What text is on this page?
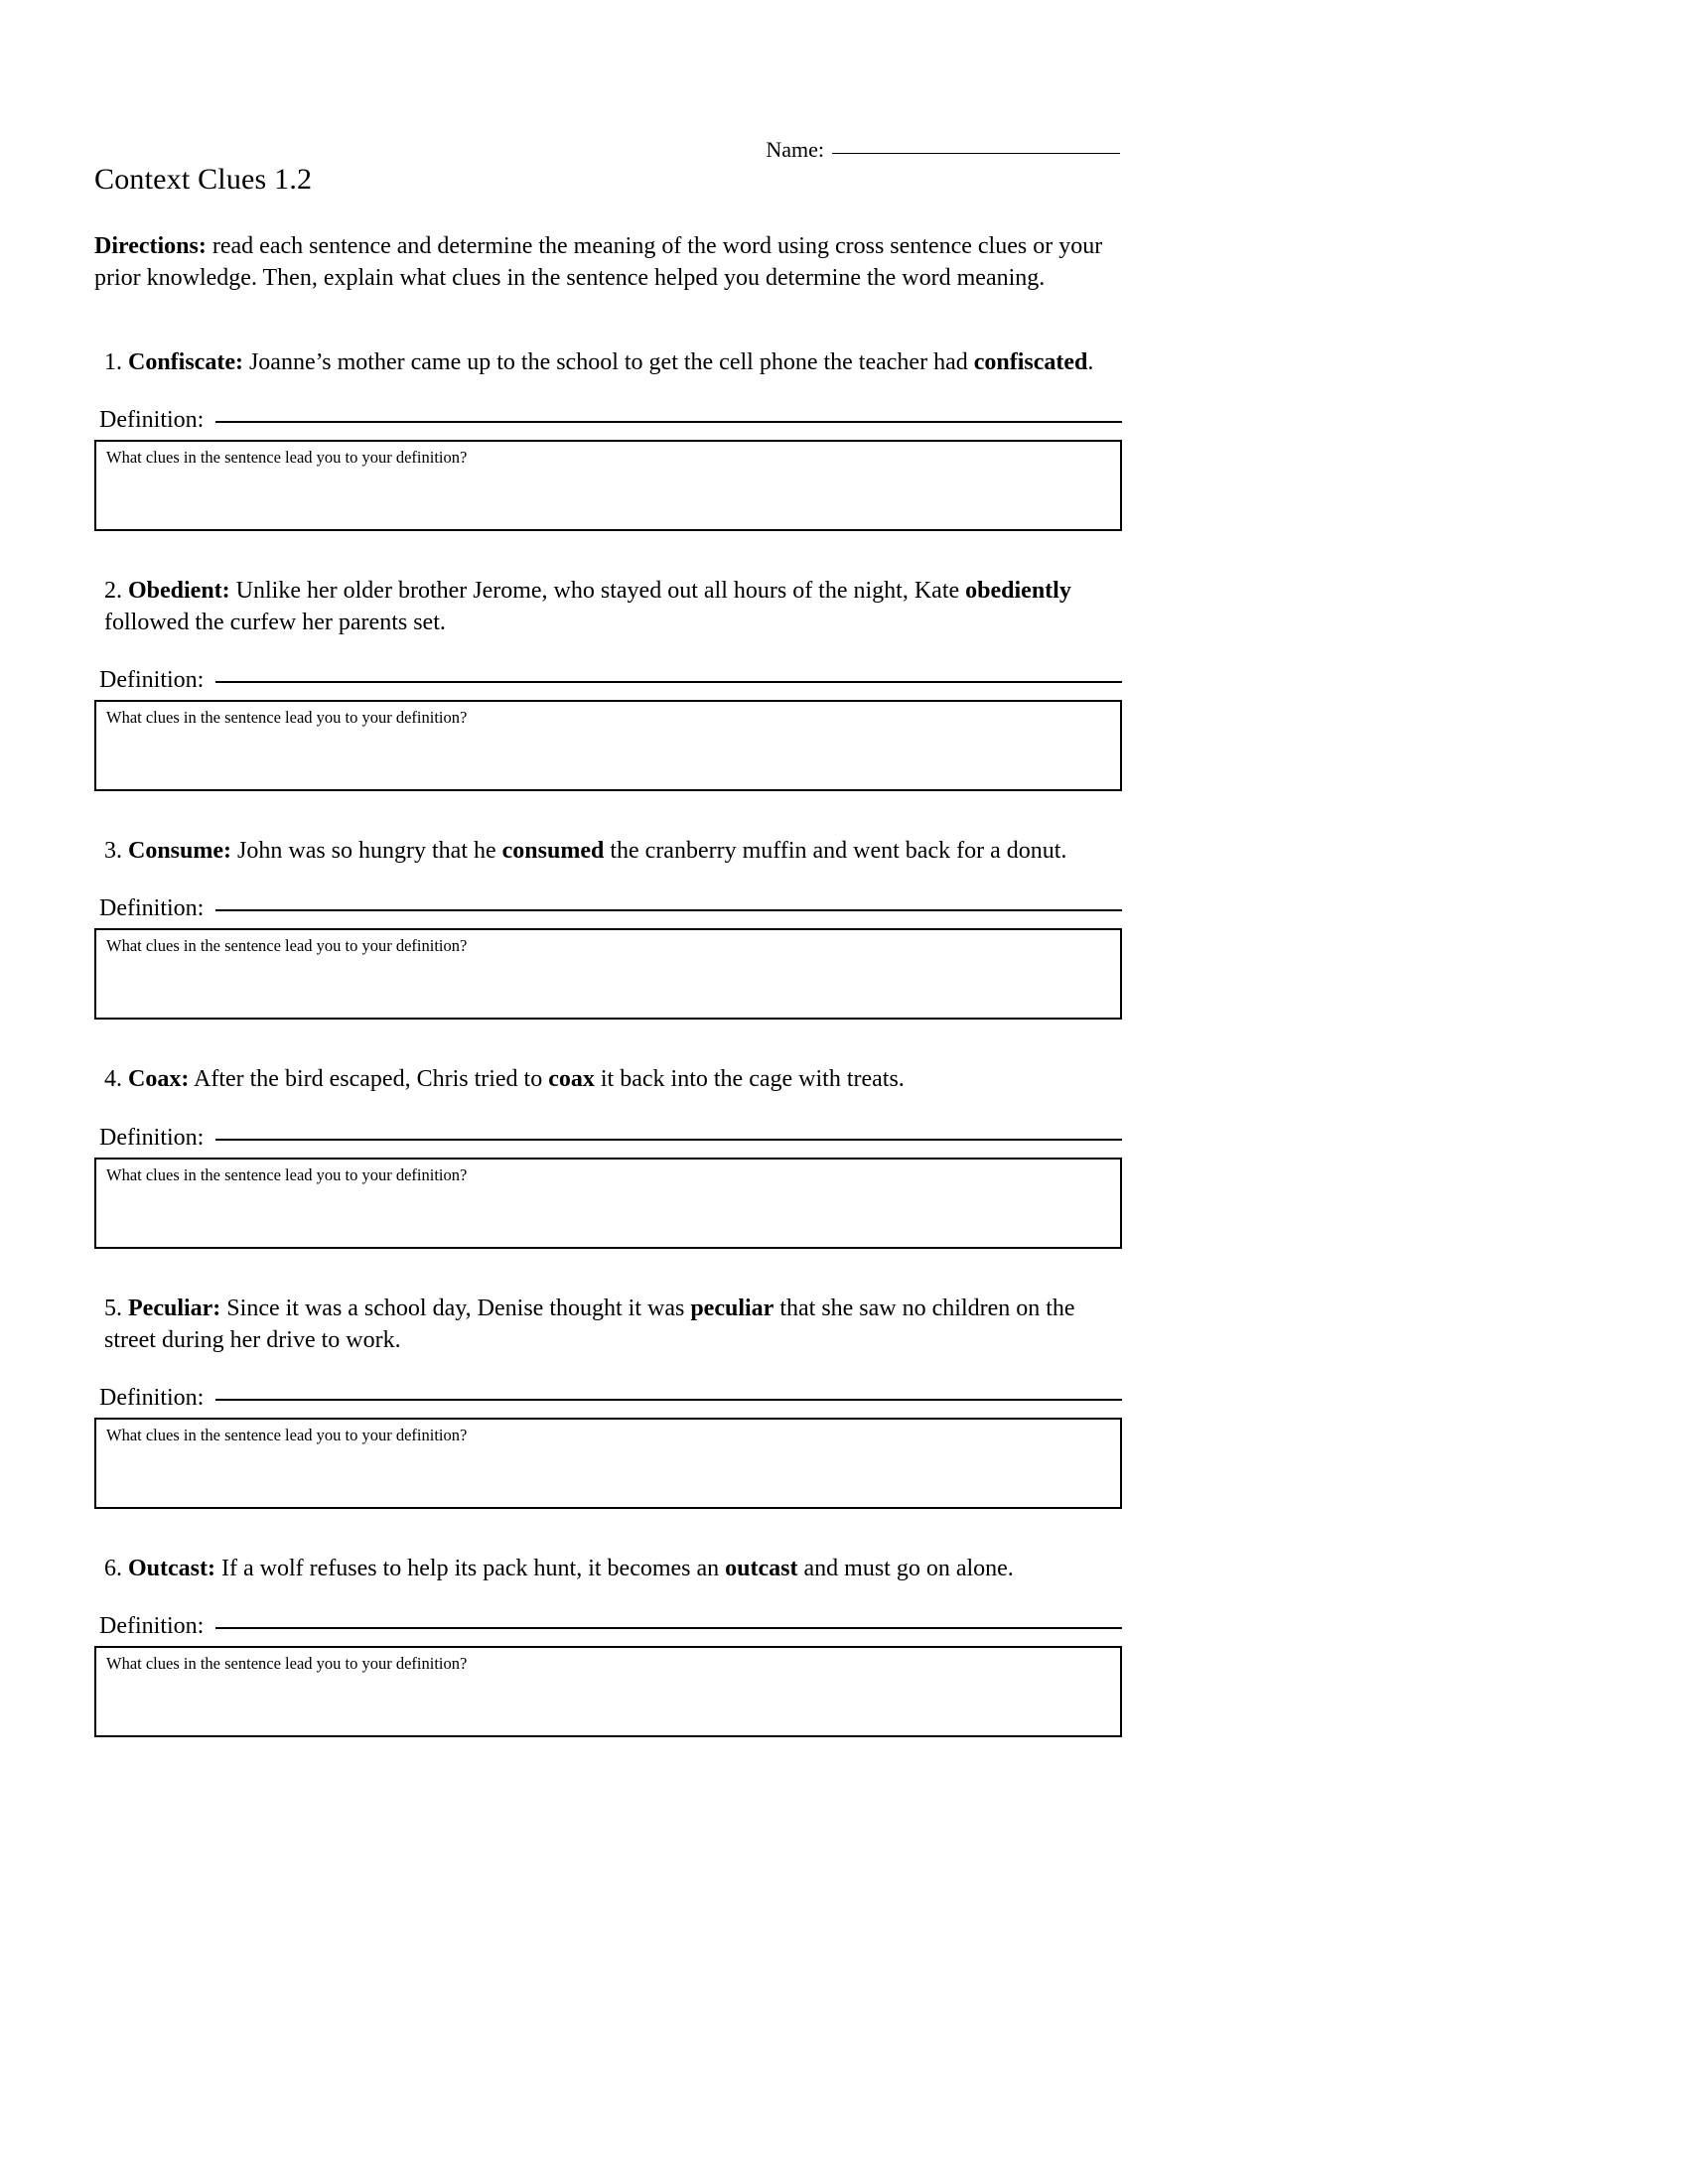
Name:
Context Clues 1.2
Directions: read each sentence and determine the meaning of the word using cross sentence clues or your prior knowledge. Then, explain what clues in the sentence helped you determine the word meaning.
1. Confiscate: Joanne’s mother came up to the school to get the cell phone the teacher had confiscated.
Definition:
What clues in the sentence lead you to your definition?
2. Obedient: Unlike her older brother Jerome, who stayed out all hours of the night, Kate obediently followed the curfew her parents set.
Definition:
What clues in the sentence lead you to your definition?
3. Consume: John was so hungry that he consumed the cranberry muffin and went back for a donut.
Definition:
What clues in the sentence lead you to your definition?
4. Coax: After the bird escaped, Chris tried to coax it back into the cage with treats.
Definition:
What clues in the sentence lead you to your definition?
5. Peculiar: Since it was a school day, Denise thought it was peculiar that she saw no children on the street during her drive to work.
Definition:
What clues in the sentence lead you to your definition?
6. Outcast: If a wolf refuses to help its pack hunt, it becomes an outcast and must go on alone.
Definition:
What clues in the sentence lead you to your definition?
